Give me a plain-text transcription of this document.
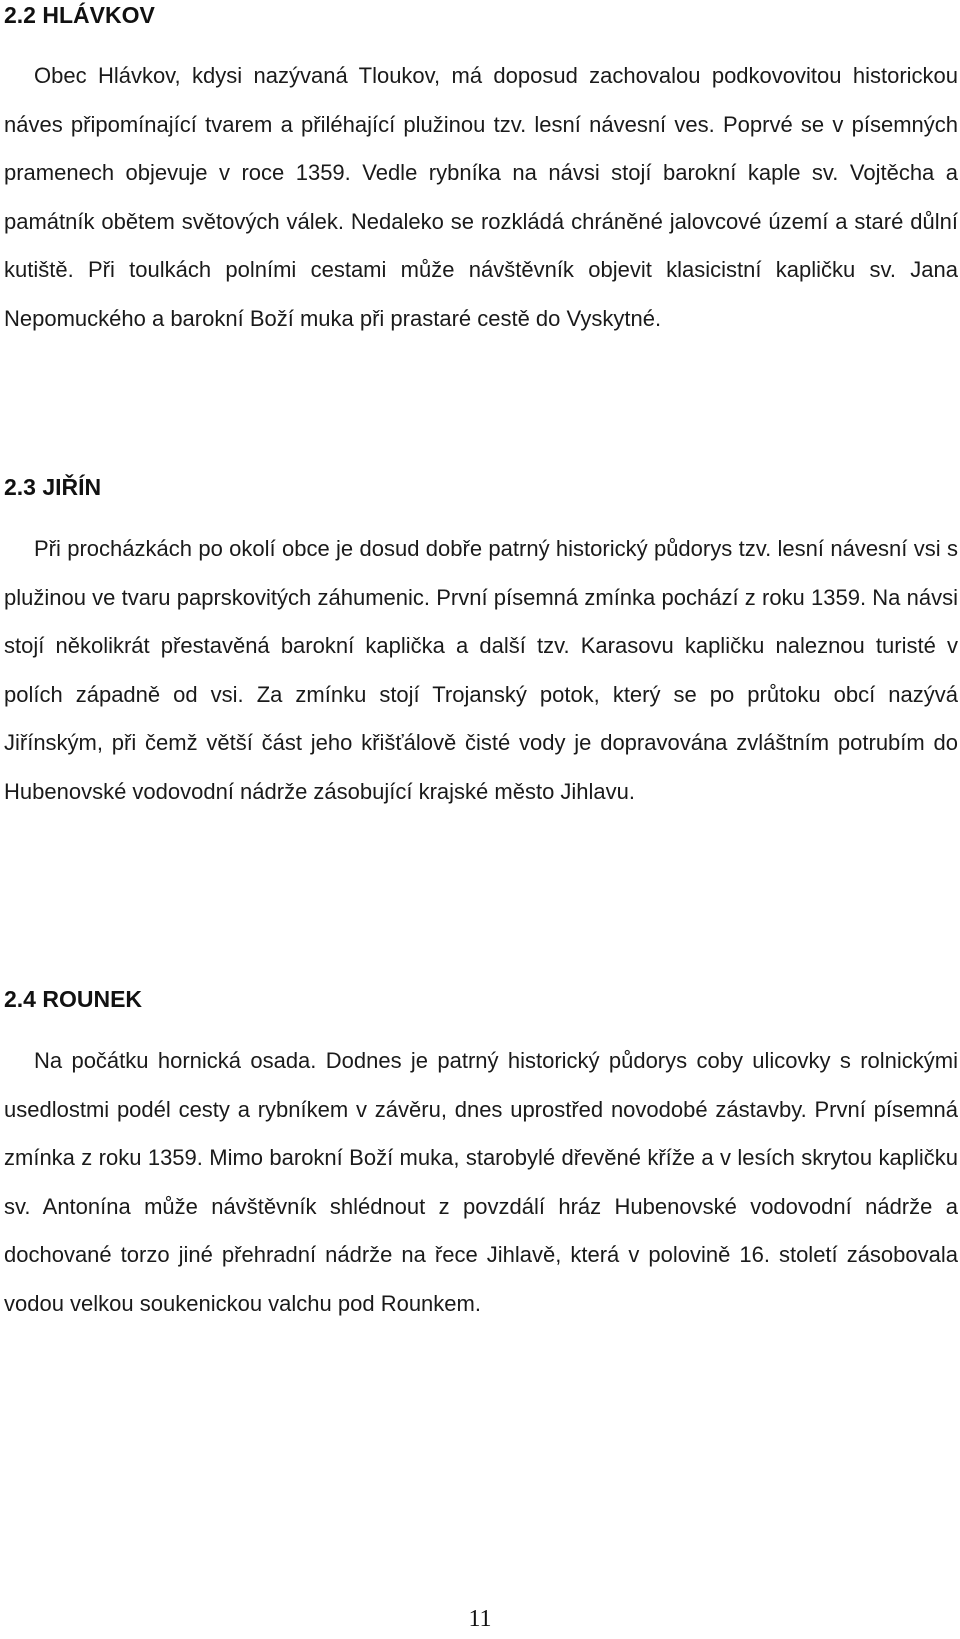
2.2 HLÁVKOV

Obec Hlávkov, kdysi nazývaná Tloukov, má doposud zachovalou podkovovitou historickou náves připomínající tvarem a přiléhající plužinou tzv. lesní návesní ves. Poprvé se v písemných pramenech objevuje v roce 1359. Vedle rybníka na návsi stojí barokní kaple sv. Vojtěcha a památník obětem světových válek. Nedaleko se rozkládá chráněné jalovcové území a staré důlní kutiště. Při toulkách polními cestami může návštěvník objevit klasicistní kapličku sv. Jana Nepomuckého a barokní Boží muka při prastaré cestě do Vyskytné.

2.3 JIŘÍN

Při procházkách po okolí obce je dosud dobře patrný historický půdorys tzv. lesní návesní vsi s plužinou ve tvaru paprskovitých záhumenic. První písemná zmínka pochází z roku 1359. Na návsi stojí několikrát přestavěná barokní kaplička a další tzv. Karasovu kapličku naleznou turisté v polích západně od vsi. Za zmínku stojí Trojanský potok, který se po průtoku obcí nazývá Jiřínským, při čemž větší část jeho křišťálově čisté vody je dopravována zvláštním potrubím do Hubenovské vodovodní nádrže zásobující krajské město Jihlavu.

2.4 ROUNEK

Na počátku hornická osada. Dodnes je patrný historický půdorys coby ulicovky s rolnickými usedlostmi podél cesty a rybníkem v závěru, dnes uprostřed novodobé zástavby. První písemná zmínka z roku 1359. Mimo barokní Boží muka, starobylé dřevěné kříže a v lesích skrytou kapličku sv. Antonína může návštěvník shlédnout z povzdálí hráz Hubenovské vodovodní nádrže a dochované torzo jiné přehradní nádrže na řece Jihlavě, která v polovině 16. století zásobovala vodou velkou soukenickou valchu pod Rounkem.

11
